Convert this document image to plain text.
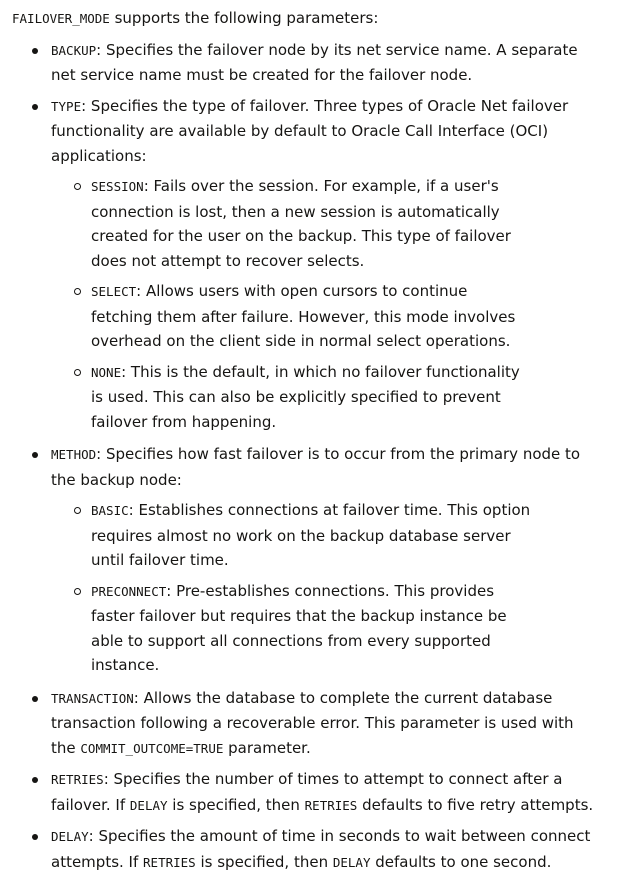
FAILOVER_MODE supports the following parameters:

BACKUP: Specifies the failover node by its net service name. A separate net service name must be created for the failover node.
TYPE: Specifies the type of failover. Three types of Oracle Net failover functionality are available by default to Oracle Call Interface (OCI) applications:
SESSION: Fails over the session. For example, if a user's connection is lost, then a new session is automatically created for the user on the backup. This type of failover does not attempt to recover selects.
SELECT: Allows users with open cursors to continue fetching them after failure. However, this mode involves overhead on the client side in normal select operations.
NONE: This is the default, in which no failover functionality is used. This can also be explicitly specified to prevent failover from happening.
METHOD: Specifies how fast failover is to occur from the primary node to the backup node:
BASIC: Establishes connections at failover time. This option requires almost no work on the backup database server until failover time.
PRECONNECT: Pre-establishes connections. This provides faster failover but requires that the backup instance be able to support all connections from every supported instance.
TRANSACTION: Allows the database to complete the current database transaction following a recoverable error. This parameter is used with the COMMIT_OUTCOME=TRUE parameter.
RETRIES: Specifies the number of times to attempt to connect after a failover. If DELAY is specified, then RETRIES defaults to five retry attempts.
DELAY: Specifies the amount of time in seconds to wait between connect attempts. If RETRIES is specified, then DELAY defaults to one second.
